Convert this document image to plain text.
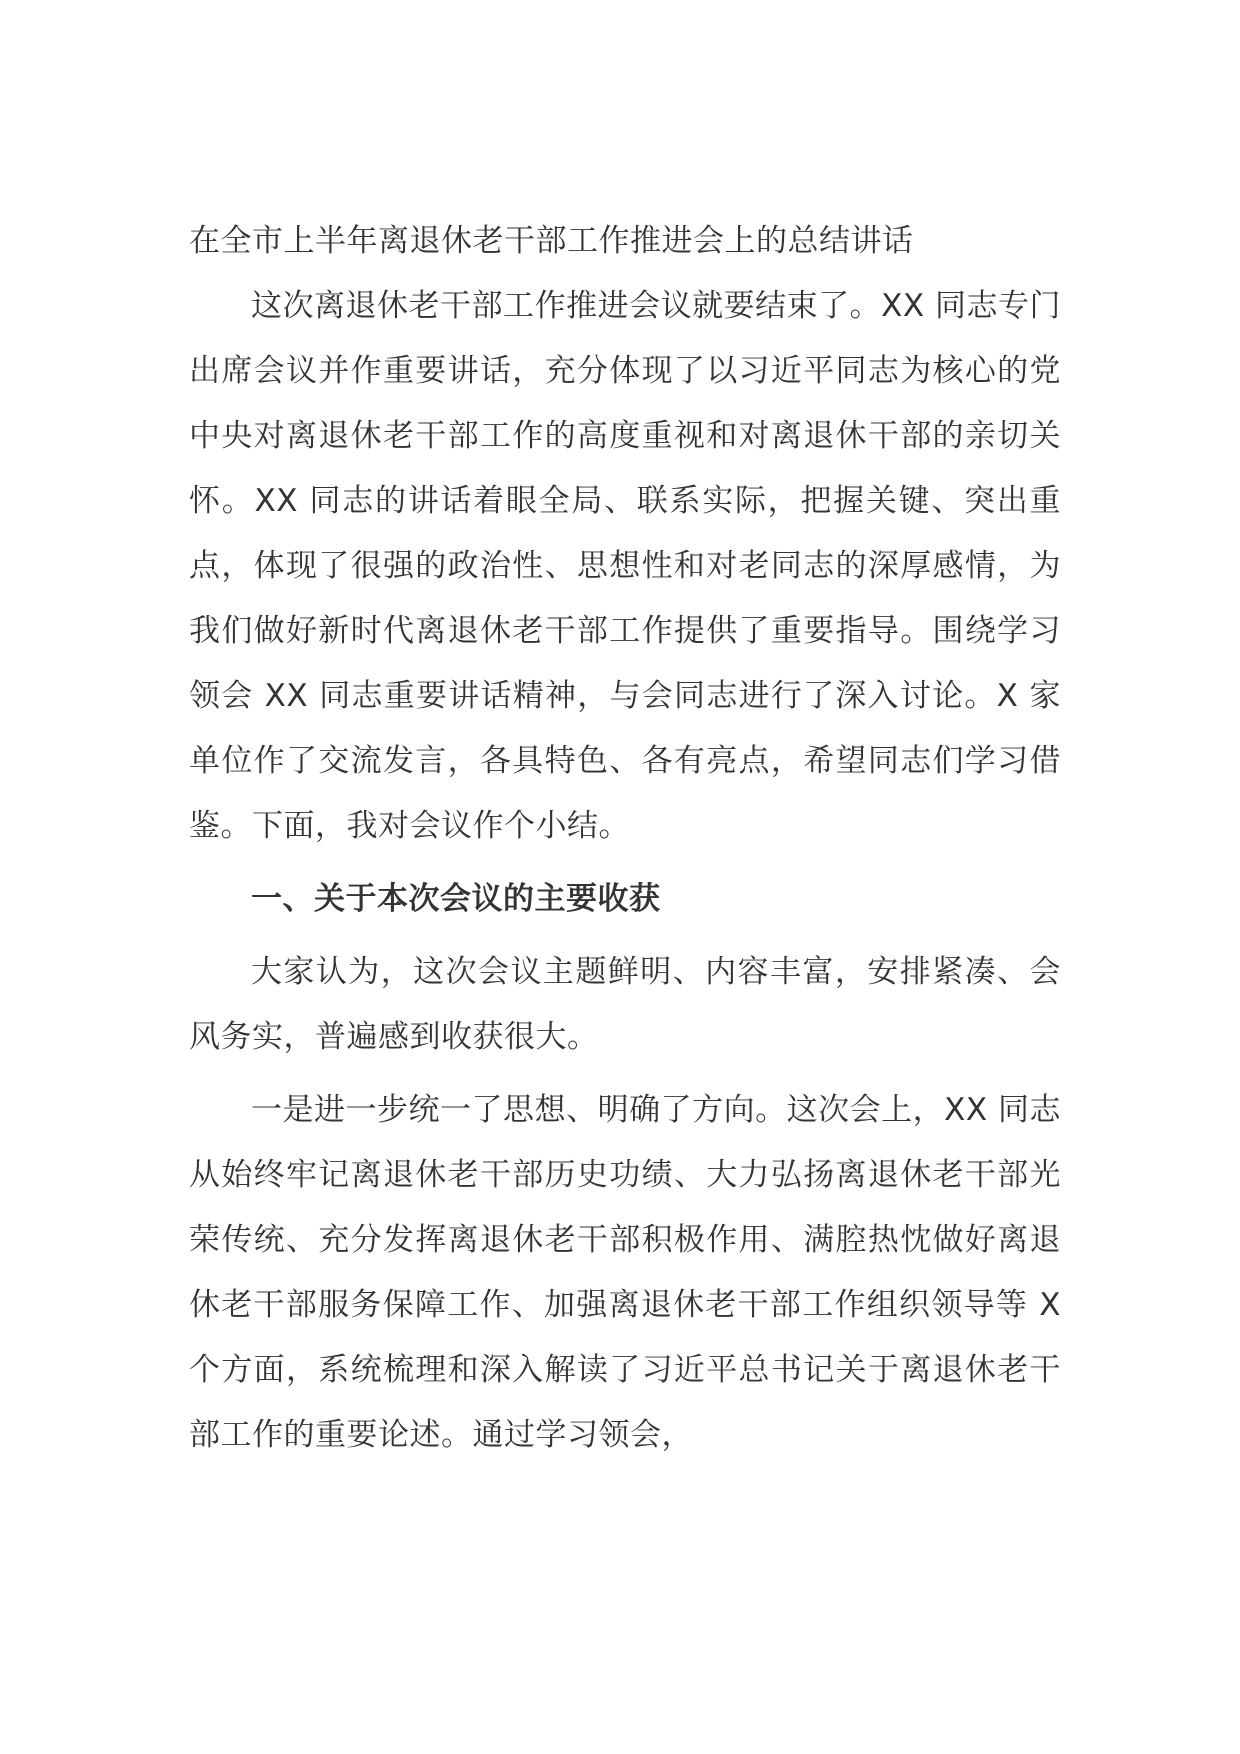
在全市上半年离退休老干部工作推进会上的总结讲话

这次离退休老干部工作推进会议就要结束了。XX 同志专门出席会议并作重要讲话，充分体现了以习近平同志为核心的党中央对离退休老干部工作的高度重视和对离退休干部的亲切关怀。XX 同志的讲话着眼全局、联系实际，把握关键、突出重点，体现了很强的政治性、思想性和对老同志的深厚感情，为我们做好新时代离退休老干部工作提供了重要指导。围绕学习领会 XX 同志重要讲话精神，与会同志进行了深入讨论。X 家单位作了交流发言，各具特色、各有亮点，希望同志们学习借鉴。下面，我对会议作个小结。

一、关于本次会议的主要收获

大家认为，这次会议主题鲜明、内容丰富，安排紧凑、会风务实，普遍感到收获很大。

一是进一步统一了思想、明确了方向。这次会上，XX 同志从始终牢记离退休老干部历史功绩、大力弘扬离退休老干部光荣传统、充分发挥离退休老干部积极作用、满腔热忱做好离退休老干部服务保障工作、加强离退休老干部工作组织领导等 X 个方面，系统梳理和深入解读了习近平总书记关于离退休老干部工作的重要论述。通过学习领会，
